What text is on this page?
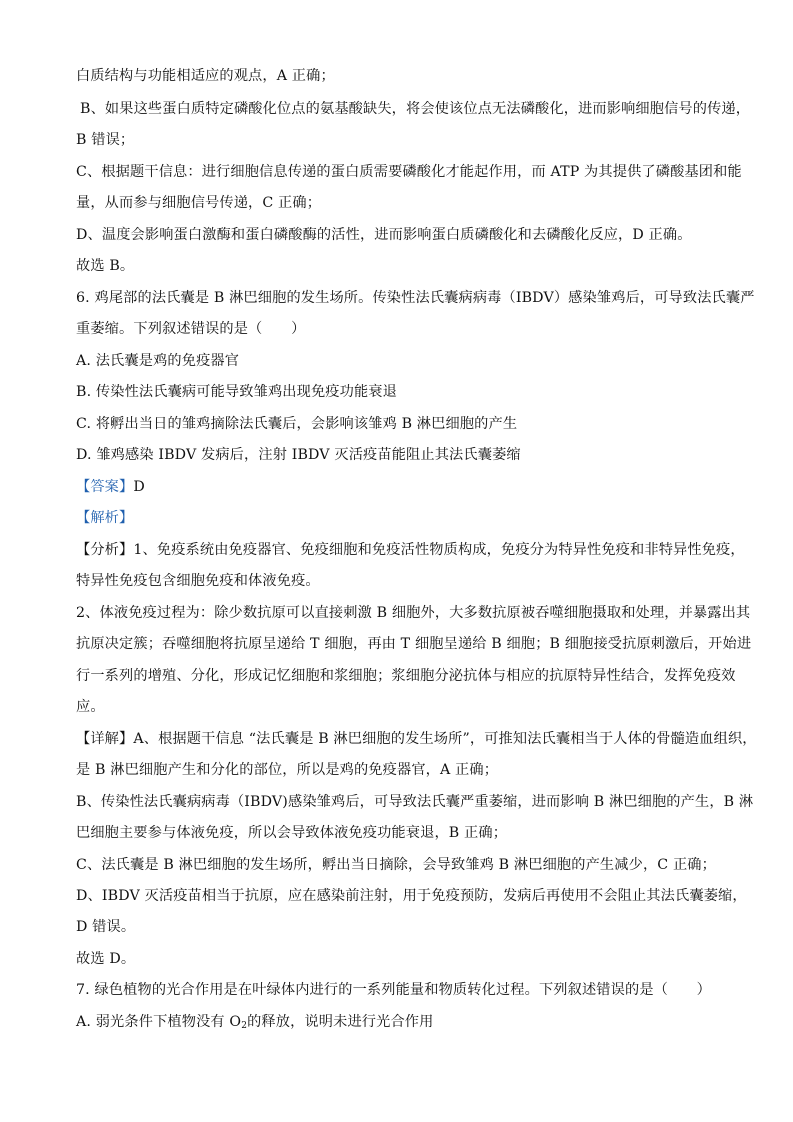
白质结构与功能相适应的观点，A 正确；
B、如果这些蛋白质特定磷酸化位点的氨基酸缺失，将会使该位点无法磷酸化，进而影响细胞信号的传递，
B 错误；
C、根据题干信息：进行细胞信息传递的蛋白质需要磷酸化才能起作用，而 ATP 为其提供了磷酸基团和能
量，从而参与细胞信号传递，C 正确；
D、温度会影响蛋白激酶和蛋白磷酸酶的活性，进而影响蛋白质磷酸化和去磷酸化反应，D 正确。
故选 B。
6. 鸡尾部的法氏囊是 B 淋巴细胞的发生场所。传染性法氏囊病病毒（IBDV）感染雏鸡后，可导致法氏囊严
重萎缩。下列叙述错误的是（　　）
A. 法氏囊是鸡的免疫器官
B. 传染性法氏囊病可能导致雏鸡出现免疫功能衰退
C. 将孵出当日的雏鸡摘除法氏囊后，会影响该雏鸡 B 淋巴细胞的产生
D. 雏鸡感染 IBDV 发病后，注射 IBDV 灭活疫苗能阻止其法氏囊萎缩
【答案】D
【解析】
【分析】1、免疫系统由免疫器官、免疫细胞和免疫活性物质构成，免疫分为特异性免疫和非特异性免疫，
特异性免疫包含细胞免疫和体液免疫。
2、体液免疫过程为：除少数抗原可以直接刺激 B 细胞外，大多数抗原被吞噬细胞摄取和处理，并暴露出其
抗原决定簇；吞噬细胞将抗原呈递给 T 细胞，再由 T 细胞呈递给 B 细胞；B 细胞接受抗原刺激后，开始进
行一系列的增殖、分化，形成记忆细胞和浆细胞；浆细胞分泌抗体与相应的抗原特异性结合，发挥免疫效
应。
【详解】A、根据题干信息 “法氏囊是 B 淋巴细胞的发生场所”，可推知法氏囊相当于人体的骨髓造血组织，
是 B 淋巴细胞产生和分化的部位，所以是鸡的免疫器官，A 正确；
B、传染性法氏囊病病毒（IBDV)感染雏鸡后，可导致法氏囊严重萎缩，进而影响 B 淋巴细胞的产生，B 淋
巴细胞主要参与体液免疫，所以会导致体液免疫功能衰退，B 正确；
C、法氏囊是 B 淋巴细胞的发生场所，孵出当日摘除，会导致雏鸡 B 淋巴细胞的产生减少，C 正确；
D、IBDV 灭活疫苗相当于抗原，应在感染前注射，用于免疫预防，发病后再使用不会阻止其法氏囊萎缩，
D 错误。
故选 D。
7. 绿色植物的光合作用是在叶绿体内进行的一系列能量和物质转化过程。下列叙述错误的是（　　）
A. 弱光条件下植物没有 $O_2$的释放，说明未进行光合作用
